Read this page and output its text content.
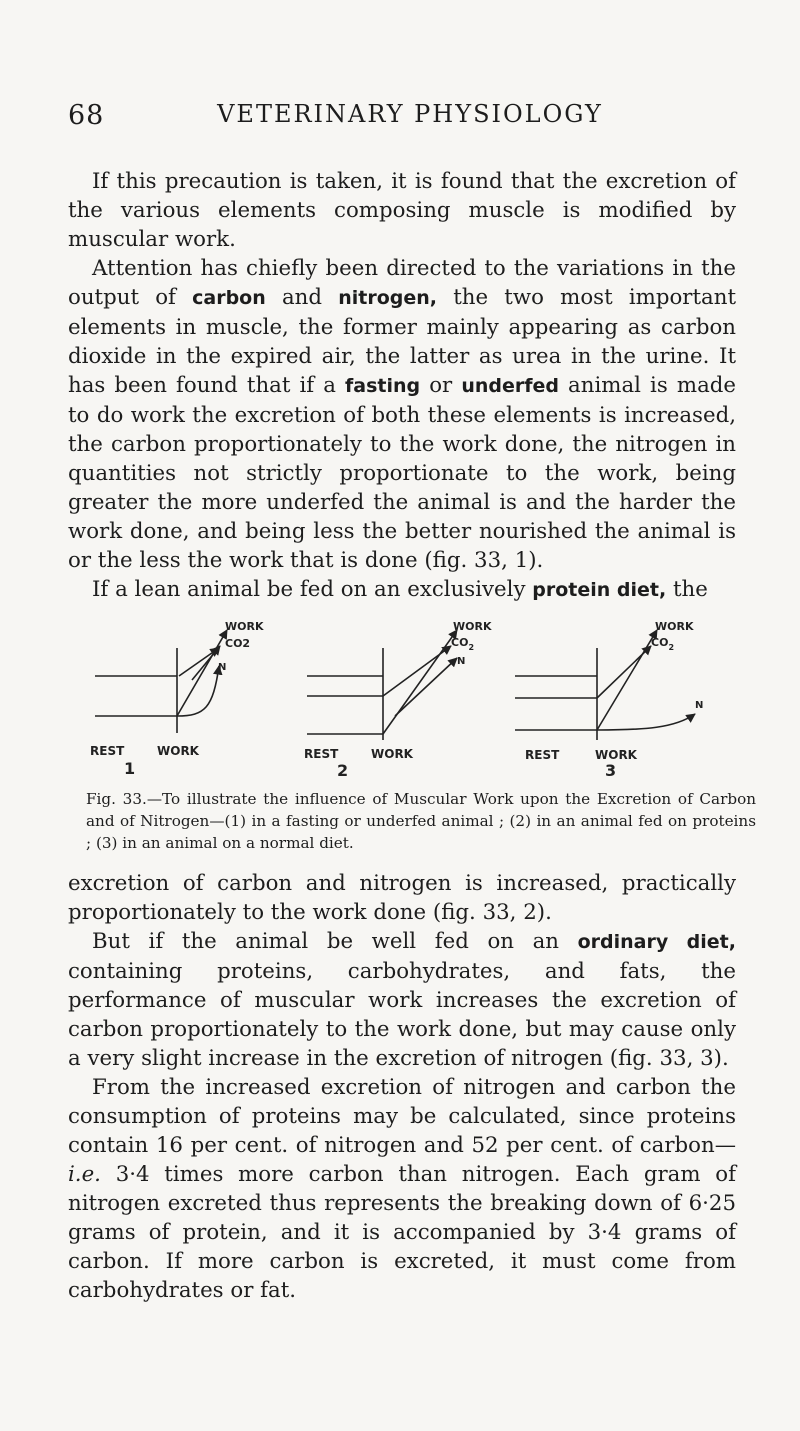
68	VETERINARY PHYSIOLOGY

If this precaution is taken, it is found that the excretion of the various elements composing muscle is modified by muscular work.

Attention has chiefly been directed to the variations in the output of carbon and nitrogen, the two most important elements in muscle, the former mainly appearing as carbon dioxide in the expired air, the latter as urea in the urine. It has been found that if a fasting or underfed animal is made to do work the excretion of both these elements is increased, the carbon proportionately to the work done, the nitrogen in quantities not strictly proportionate to the work, being greater the more underfed the animal is and the harder the work done, and being less the better nourished the animal is or the less the work that is done (fig. 33, 1).

If a lean animal be fed on an exclusively protein diet, the

WORK
CO2
N
REST	WORK
1
WORK
$CO_2$
N
REST	WORK
2
WORK
$CO_2$
N
REST	WORK
3
Fig. 33.—To illustrate the influence of Muscular Work upon the Excretion of Carbon and of Nitrogen—(1) in a fasting or underfed animal ; (2) in an animal fed on proteins ; (3) in an animal on a normal diet.

excretion of carbon and nitrogen is increased, practically proportionately to the work done (fig. 33, 2).

But if the animal be well fed on an ordinary diet, containing proteins, carbohydrates, and fats, the performance of muscular work increases the excretion of carbon proportionately to the work done, but may cause only a very slight increase in the excretion of nitrogen (fig. 33, 3).

From the increased excretion of nitrogen and carbon the consumption of proteins may be calculated, since proteins contain 16 per cent. of nitrogen and 52 per cent. of carbon—i.e. 3·4 times more carbon than nitrogen. Each gram of nitrogen excreted thus represents the breaking down of 6·25 grams of protein, and it is accompanied by 3·4 grams of carbon. If more carbon is excreted, it must come from carbohydrates or fat.
